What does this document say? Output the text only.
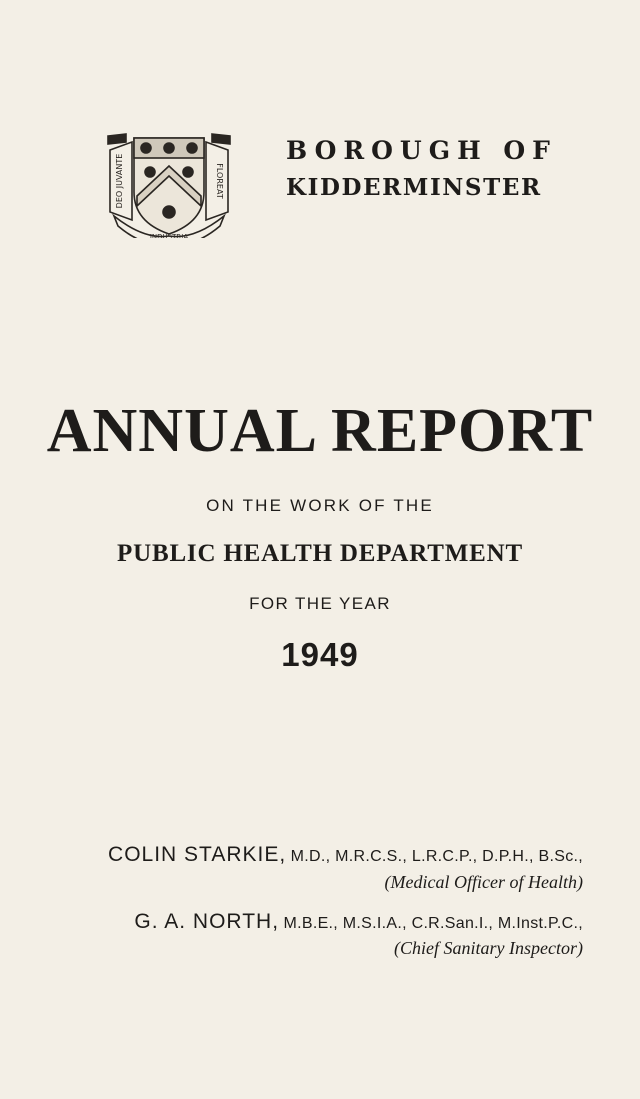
DEO JUVANTE	FLOREAT
INDUSTRIA
BOROUGH OF
KIDDERMINSTER
ANNUAL REPORT
ON THE WORK OF THE
PUBLIC HEALTH DEPARTMENT
FOR THE YEAR
1949
COLIN STARKIE, M.D., M.R.C.S., L.R.C.P., D.P.H., B.Sc.,
(Medical Officer of Health)
G. A. NORTH, M.B.E., M.S.I.A., C.R.San.I., M.Inst.P.C.,
(Chief Sanitary Inspector)
